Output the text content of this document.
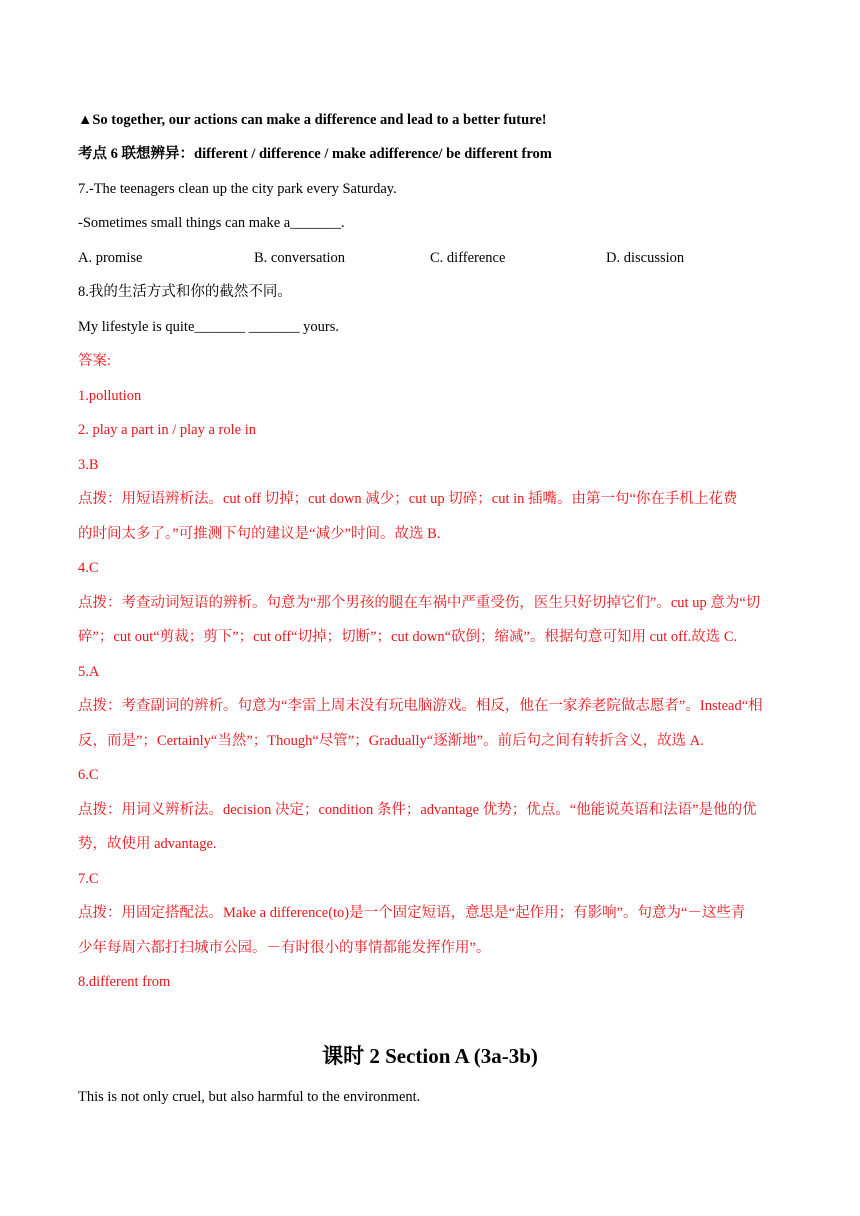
▲So together, our actions can make a difference and lead to a better future!
考点 6 联想辨异：different / difference / make adifference/ be different from
7.-The teenagers clean up the city park every Saturday.
-Sometimes small things can make a_______.
A. promise	B. conversation	C. difference	D. discussion
8.我的生活方式和你的截然不同。
My lifestyle is quite_______ _______ yours.
答案:
1.pollution
2. play a part in / play a role in
3.B
点拨：用短语辨析法。cut off 切掉；cut down 减少；cut up 切碎；cut in 插嘴。由第一句“你在手机上花费
的时间太多了。”可推测下句的建议是“减少”时间。故选 B.
4.C
点拨：考查动词短语的辨析。句意为“那个男孩的腿在车祸中严重受伤，医生只好切掉它们”。cut up 意为“切
碎”；cut out“剪裁；剪下”；cut off“切掉；切断”；cut down“砍倒；缩减”。根据句意可知用 cut off.故选 C.
5.A
点拨：考查副词的辨析。句意为“李雷上周末没有玩电脑游戏。相反，他在一家养老院做志愿者”。Instead“相
反，而是”；Certainly“当然”；Though“尽管”；Gradually“逐渐地”。前后句之间有转折含义，故选 A.
6.C
点拨：用词义辨析法。decision 决定；condition 条件；advantage 优势；优点。“他能说英语和法语”是他的优
势，故使用 advantage.
7.C
点拨：用固定搭配法。Make a difference(to)是一个固定短语，意思是“起作用；有影响”。句意为“－这些青
少年每周六都打扫城市公园。－有时很小的事情都能发挥作用”。
8.different from
课时 2 Section A (3a-3b)
This is not only cruel, but also harmful to the environment.
